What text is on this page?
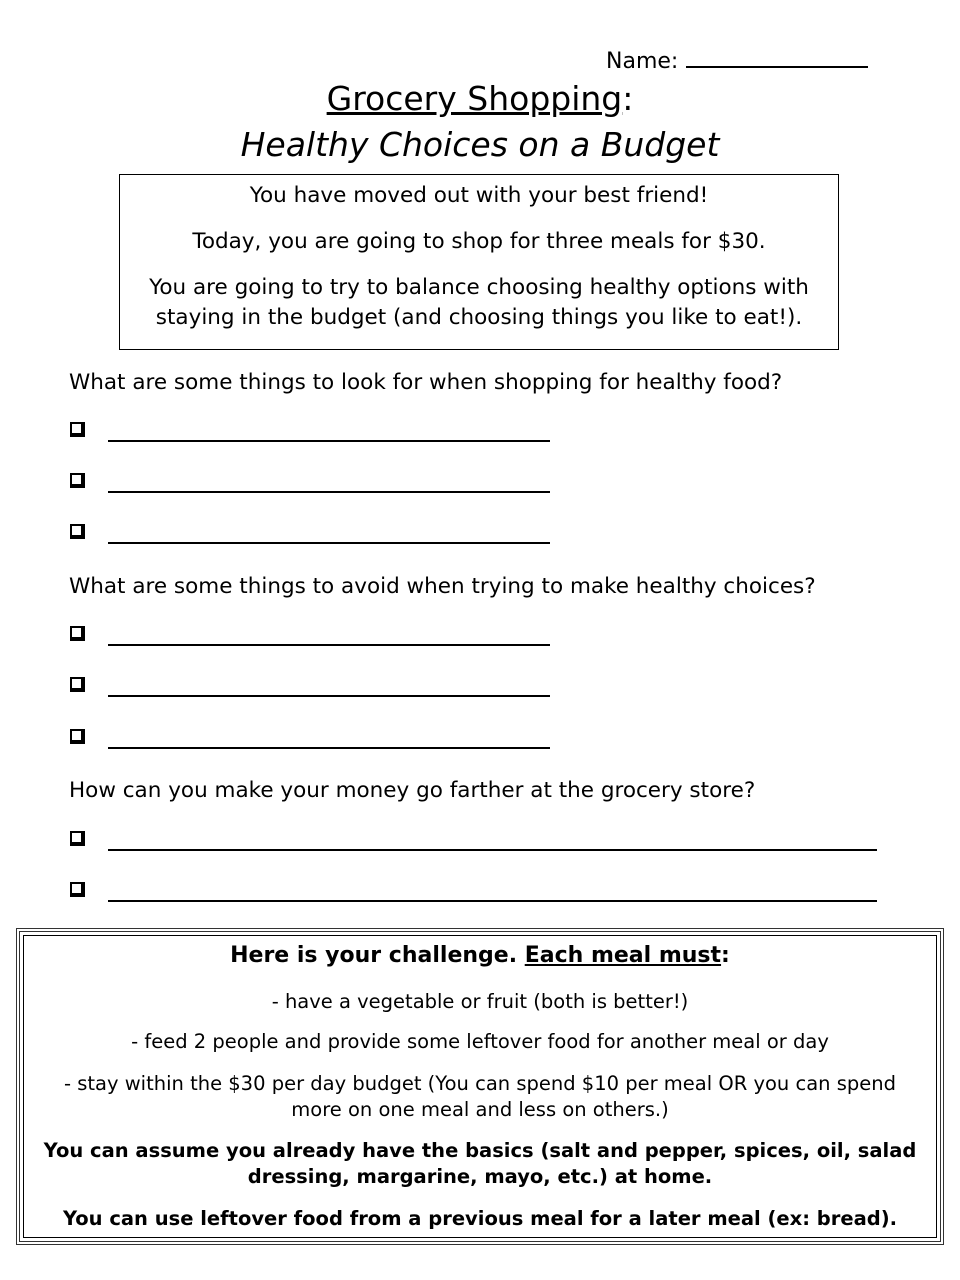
Name:
Grocery Shopping:
Healthy Choices on a Budget

You have moved out with your best friend!

Today, you are going to shop for three meals for $30.

You are going to try to balance choosing healthy options with

staying in the budget (and choosing things you like to eat!).

What are some things to look for when shopping for healthy food?
What are some things to avoid when trying to make healthy choices?
How can you make your money go farther at the grocery store?

Here is your challenge. Each meal must:

- have a vegetable or fruit (both is better!)

- feed 2 people and provide some leftover food for another meal or day

- stay within the $30 per day budget (You can spend $10 per meal OR you can spend

more on one meal and less on others.)

You can assume you already have the basics (salt and pepper, spices, oil, salad

dressing, margarine, mayo, etc.) at home.

You can use leftover food from a previous meal for a later meal (ex: bread).
